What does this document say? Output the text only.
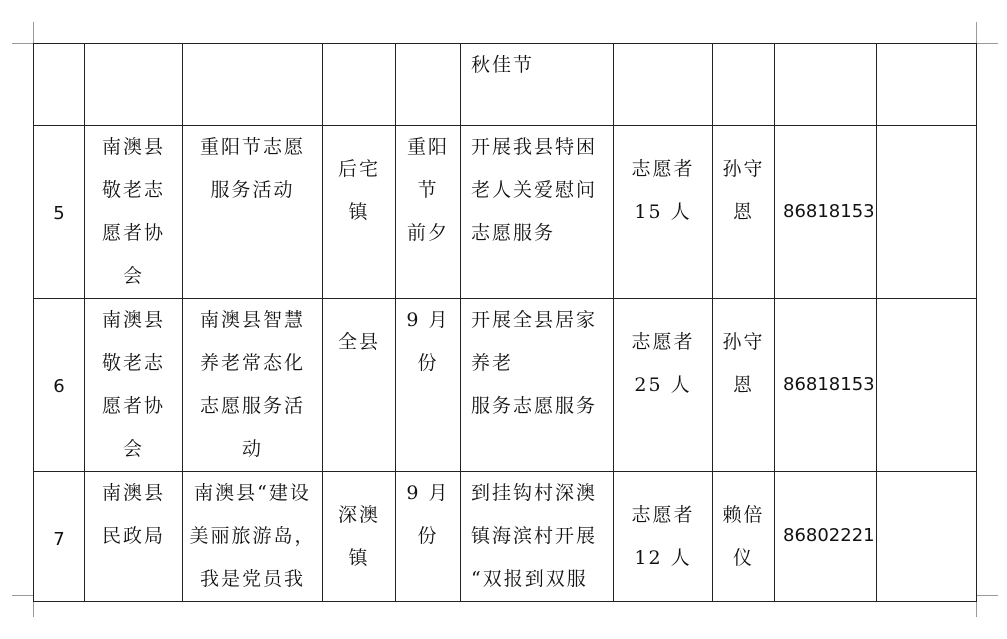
					秋佳节				

5	南澳县
敬老志
愿者协
会	重阳节志愿
服务活动	后宅
镇	重阳
节
前夕	开展我县特困
老人关爱慰问
志愿服务	志愿者
15 人	孙守
恩	86818153	
6	南澳县
敬老志
愿者协
会	南澳县智慧
养老常态化
志愿服务活
动	全县	9 月
份	开展全县居家
养老
服务志愿服务	志愿者
25 人	孙守
恩	86818153	
7	南澳县
民政局	南澳县“建设
美丽旅游岛，
我是党员我	深澳
镇	9 月
份	到挂钩村深澳
镇海滨村开展
“双报到双服	志愿者
12 人	赖倍
仪	86802221	
